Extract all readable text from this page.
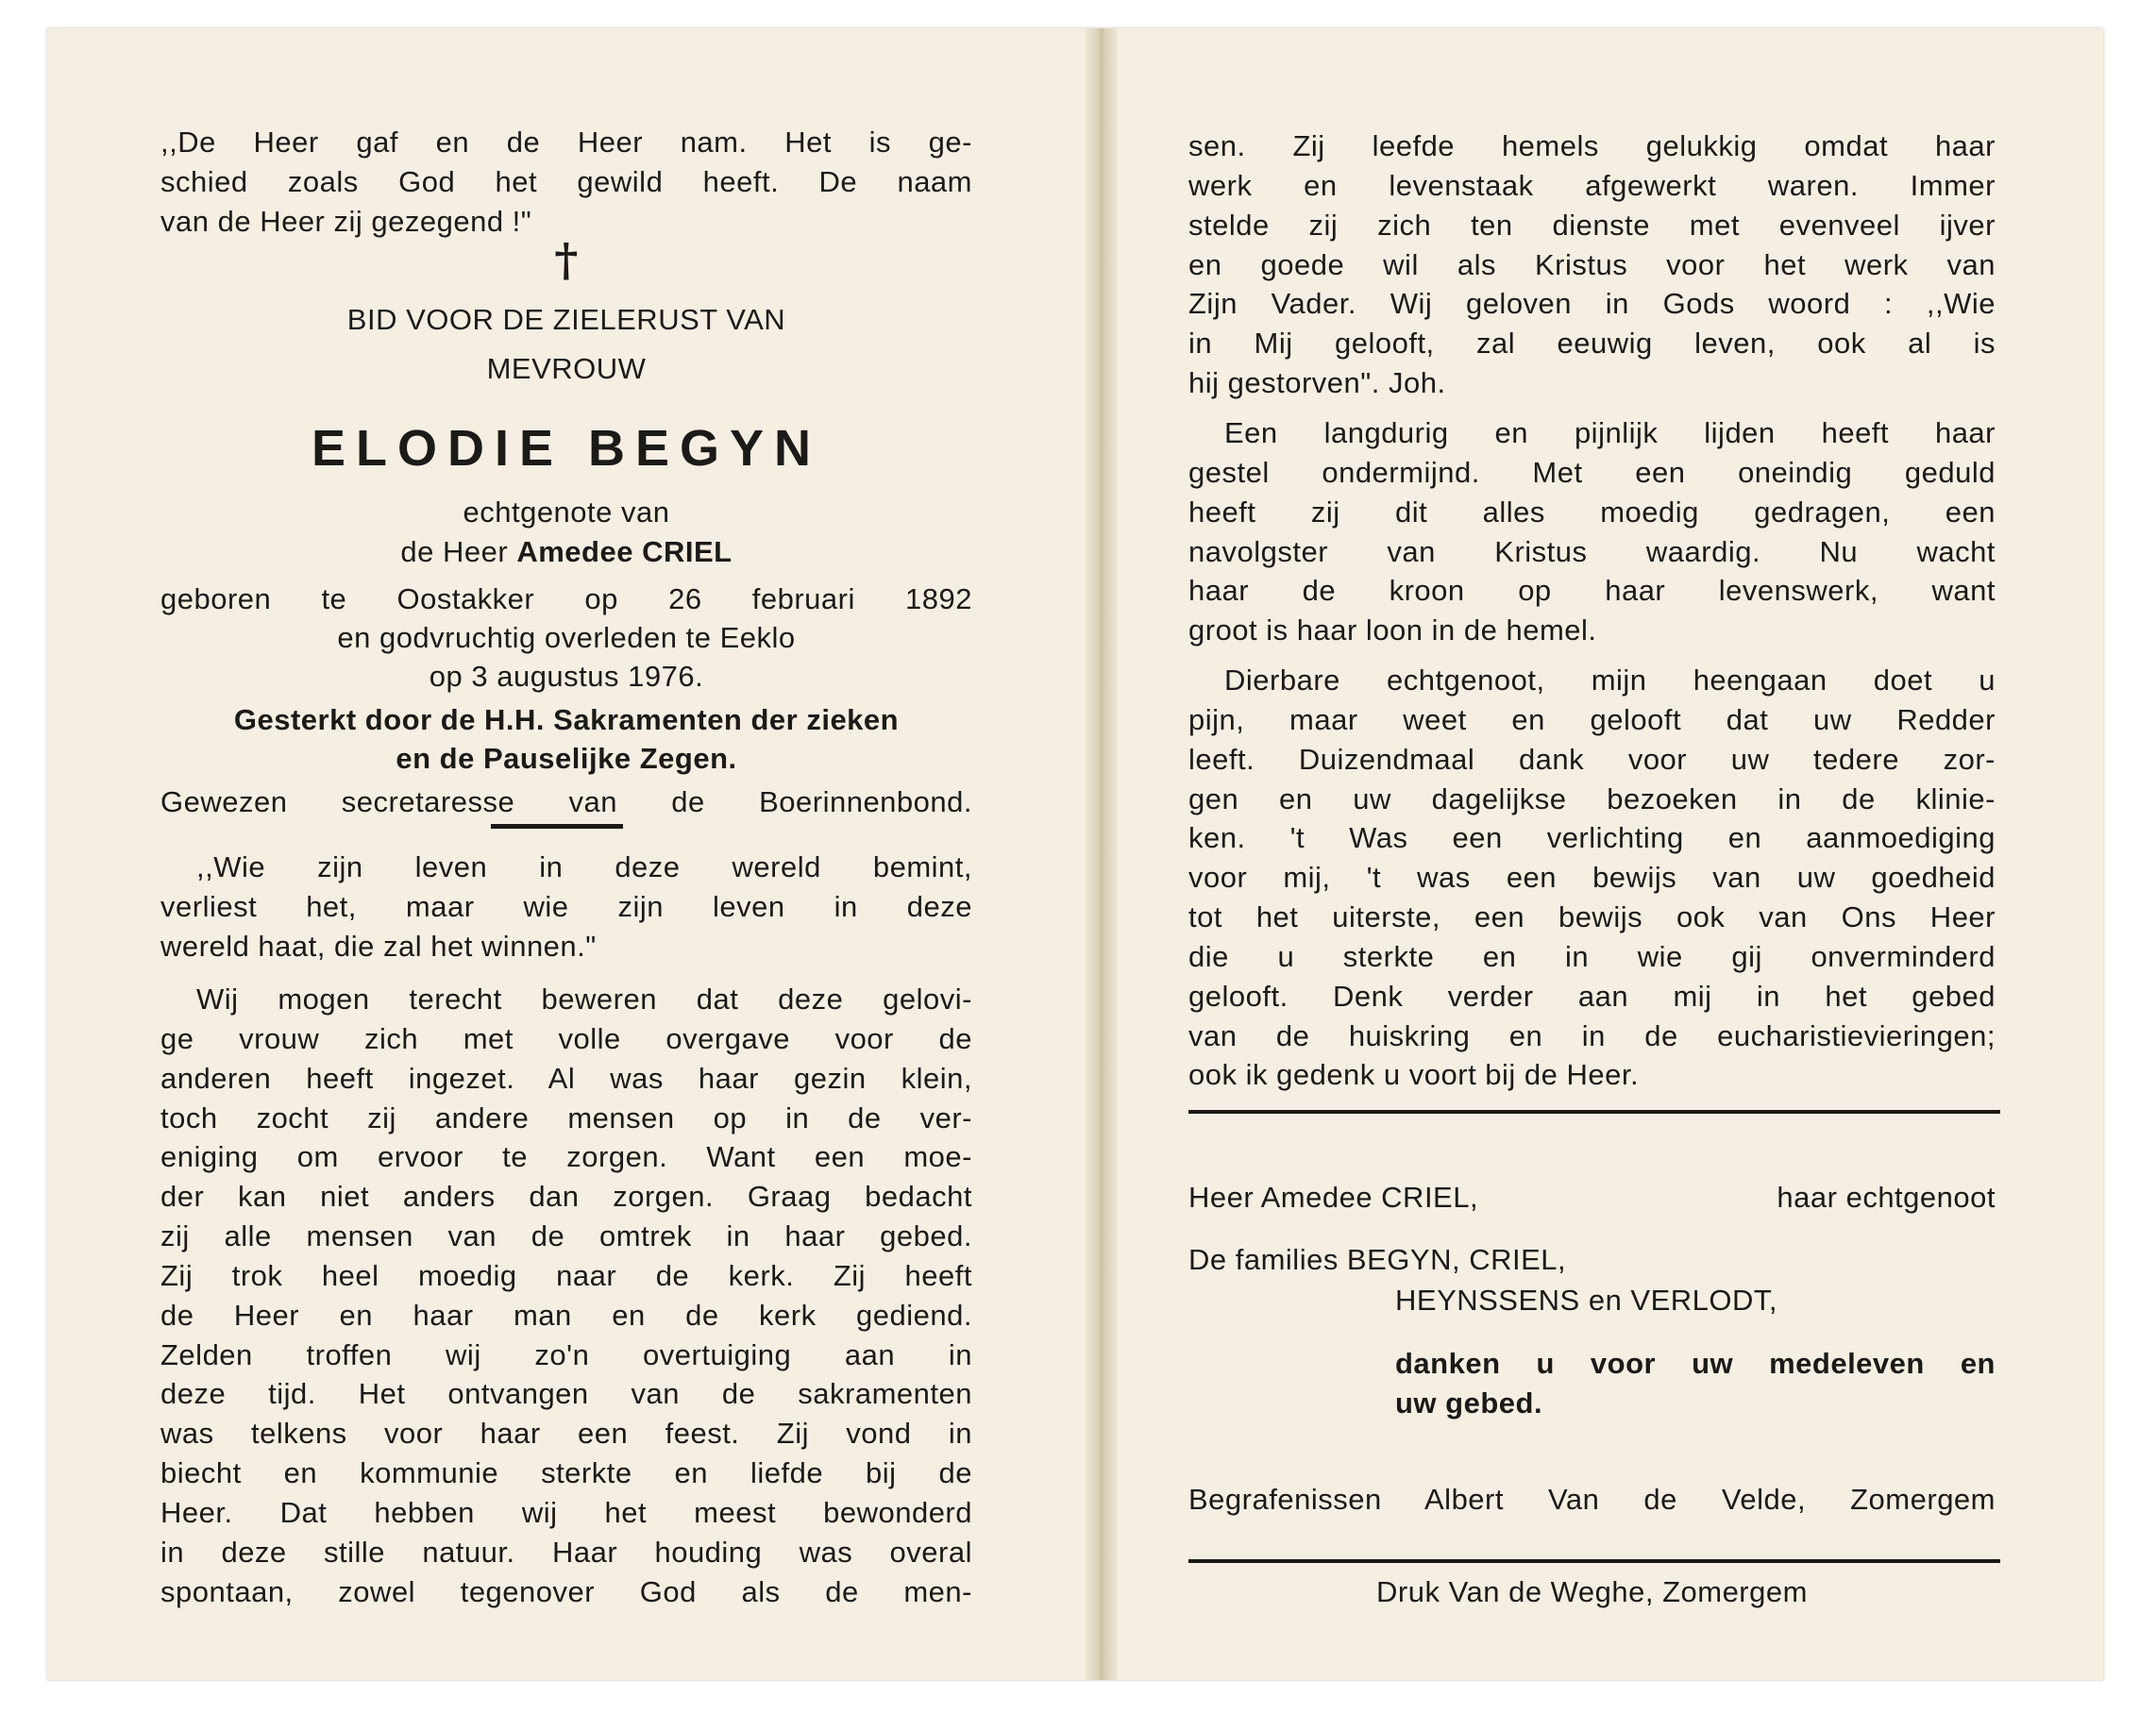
,,De Heer gaf en de Heer nam. Het is ge-
schied zoals God het gewild heeft. De naam
van de Heer zij gezegend !"
†
BID VOOR DE ZIELERUST VAN
MEVROUW
ELODIE BEGYN
echtgenote van
de Heer Amedee CRIEL
geboren te Oostakker op 26 februari 1892
en godvruchtig overleden te Eeklo
op 3 augustus 1976.
Gesterkt door de H.H. Sakramenten der zieken
en de Pauselijke Zegen.
Gewezen secretaresse van de Boerinnenbond.
,,Wie zijn leven in deze wereld bemint,
verliest het, maar wie zijn leven in deze
wereld haat, die zal het winnen."
Wij mogen terecht beweren dat deze gelovi-
ge vrouw zich met volle overgave voor de
anderen heeft ingezet. Al was haar gezin klein,
toch zocht zij andere mensen op in de ver-
eniging om ervoor te zorgen. Want een moe-
der kan niet anders dan zorgen. Graag bedacht
zij alle mensen van de omtrek in haar gebed.
Zij trok heel moedig naar de kerk. Zij heeft
de Heer en haar man en de kerk gediend.
Zelden troffen wij zo'n overtuiging aan in
deze tijd. Het ontvangen van de sakramenten
was telkens voor haar een feest. Zij vond in
biecht en kommunie sterkte en liefde bij de
Heer. Dat hebben wij het meest bewonderd
in deze stille natuur. Haar houding was overal
spontaan, zowel tegenover God als de men-
sen. Zij leefde hemels gelukkig omdat haar
werk en levenstaak afgewerkt waren. Immer
stelde zij zich ten dienste met evenveel ijver
en goede wil als Kristus voor het werk van
Zijn Vader. Wij geloven in Gods woord : ,,Wie
in Mij gelooft, zal eeuwig leven, ook al is
hij gestorven". Joh.
Een langdurig en pijnlijk lijden heeft haar
gestel ondermijnd. Met een oneindig geduld
heeft zij dit alles moedig gedragen, een
navolgster van Kristus waardig. Nu wacht
haar de kroon op haar levenswerk, want
groot is haar loon in de hemel.
Dierbare echtgenoot, mijn heengaan doet u
pijn, maar weet en gelooft dat uw Redder
leeft. Duizendmaal dank voor uw tedere zor-
gen en uw dagelijkse bezoeken in de klinie-
ken. 't Was een verlichting en aanmoediging
voor mij, 't was een bewijs van uw goedheid
tot het uiterste, een bewijs ook van Ons Heer
die u sterkte en in wie gij onverminderd
gelooft. Denk verder aan mij in het gebed
van de huiskring en in de eucharistievieringen;
ook ik gedenk u voort bij de Heer.
Heer Amedee CRIEL,	haar echtgenoot
De families BEGYN, CRIEL,
HEYNSSENS en VERLODT,
danken u voor uw medeleven en
uw gebed.
Begrafenissen Albert Van de Velde, Zomergem
Druk Van de Weghe, Zomergem
